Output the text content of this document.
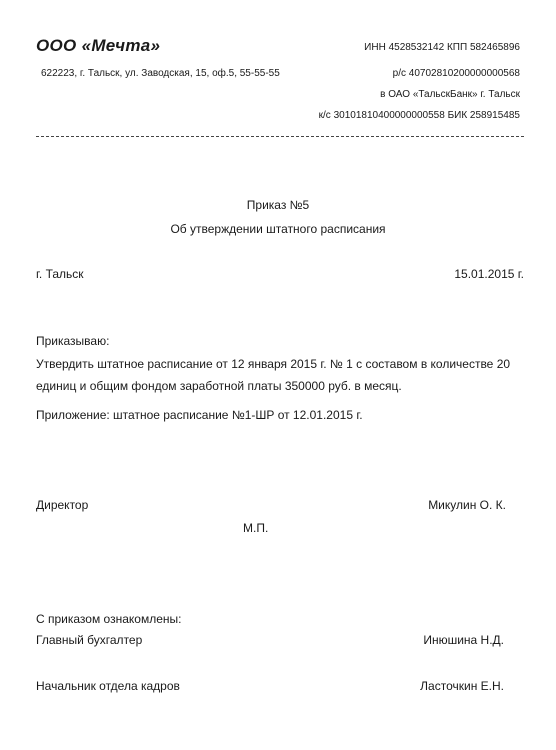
ООО «Мечта»	ИНН 4528532142 КПП 582465896
622223, г. Тальск, ул. Заводская, 15, оф.5, 55-55-55	р/с 40702810200000000568
в ОАО «ТальскБанк» г. Тальск
к/с 30101810400000000558 БИК 258915485
Приказ №5
Об утверждении штатного расписания
г. Тальск	15.01.2015 г.
Приказываю:
Утвердить штатное расписание от 12 января 2015 г. № 1 с составом в количестве 20
единиц и общим фондом заработной платы 350000 руб. в месяц.
Приложение: штатное расписание №1-ШР от 12.01.2015 г.
Директор	Микулин О. К.
М.П.
С приказом ознакомлены:
Главный бухгалтер	Инюшина Н.Д.
Начальник отдела кадров	Ласточкин Е.Н.
